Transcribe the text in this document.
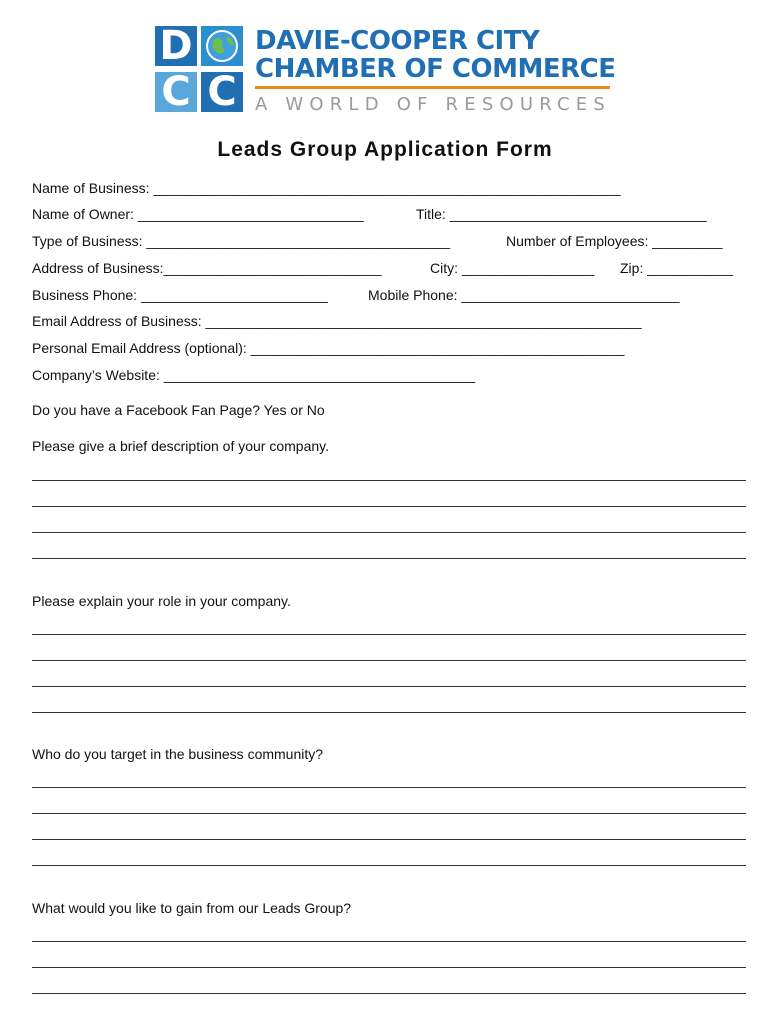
D
C C
DAVIE-COOPER CITY
CHAMBER OF COMMERCE
A WORLD OF RESOURCES
Leads Group Application Form
Name of Business: ____________________________________________________________
Name of Owner: _____________________________	Title: _________________________________
Type of Business: _______________________________________	Number of Employees: _________
Address of Business:____________________________	City: _________________ Zip: ___________
Business Phone: ________________________	Mobile Phone: ____________________________
Email Address of Business: ________________________________________________________
Personal Email Address (optional): ________________________________________________
Company’s Website: ________________________________________
Do you have a Facebook Fan Page? Yes or No
Please give a brief description of your company.
Please explain your role in your company.
Who do you target in the business community?
What would you like to gain from our Leads Group?
